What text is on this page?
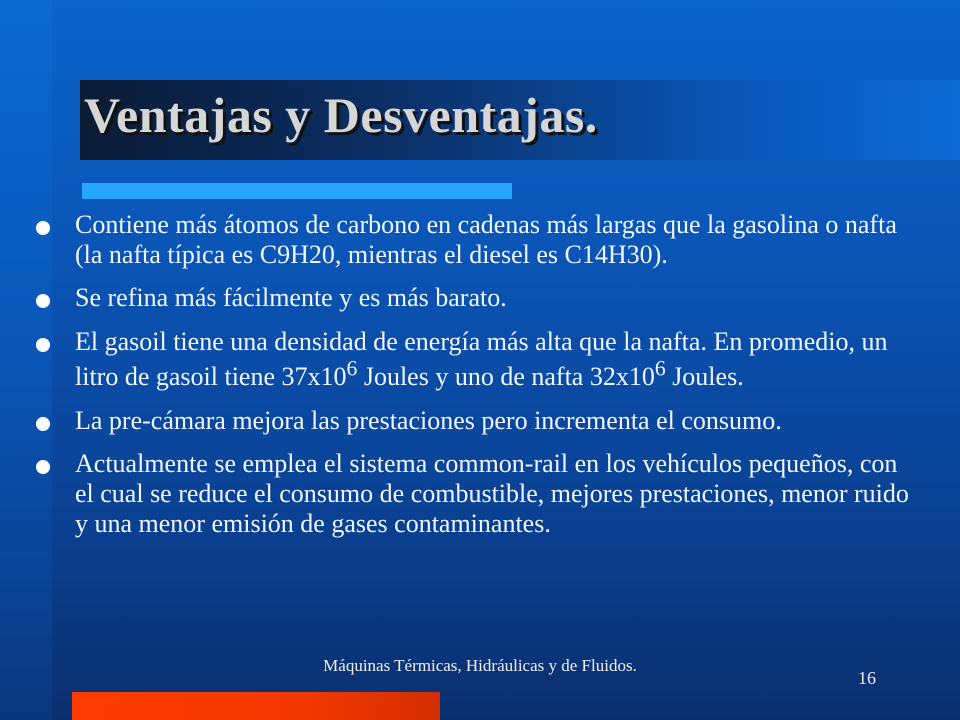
Ventajas y Desventajas.
Contiene más átomos de carbono en cadenas más largas que la gasolina o nafta (la nafta típica es C9H20, mientras el diesel es C14H30).
Se refina más fácilmente y es más barato.
El gasoil tiene una densidad de energía más alta que la nafta. En promedio, un litro de gasoil tiene $37x10^6$ Joules y uno de nafta $32x10^6$ Joules.
La pre-cámara mejora las prestaciones pero incrementa el consumo.
Actualmente se emplea el sistema common-rail en los vehículos pequeños, con el cual se reduce el consumo de combustible, mejores prestaciones, menor ruido y una menor emisión de gases contaminantes.
Máquinas Térmicas, Hidráulicas y de Fluidos.
16
